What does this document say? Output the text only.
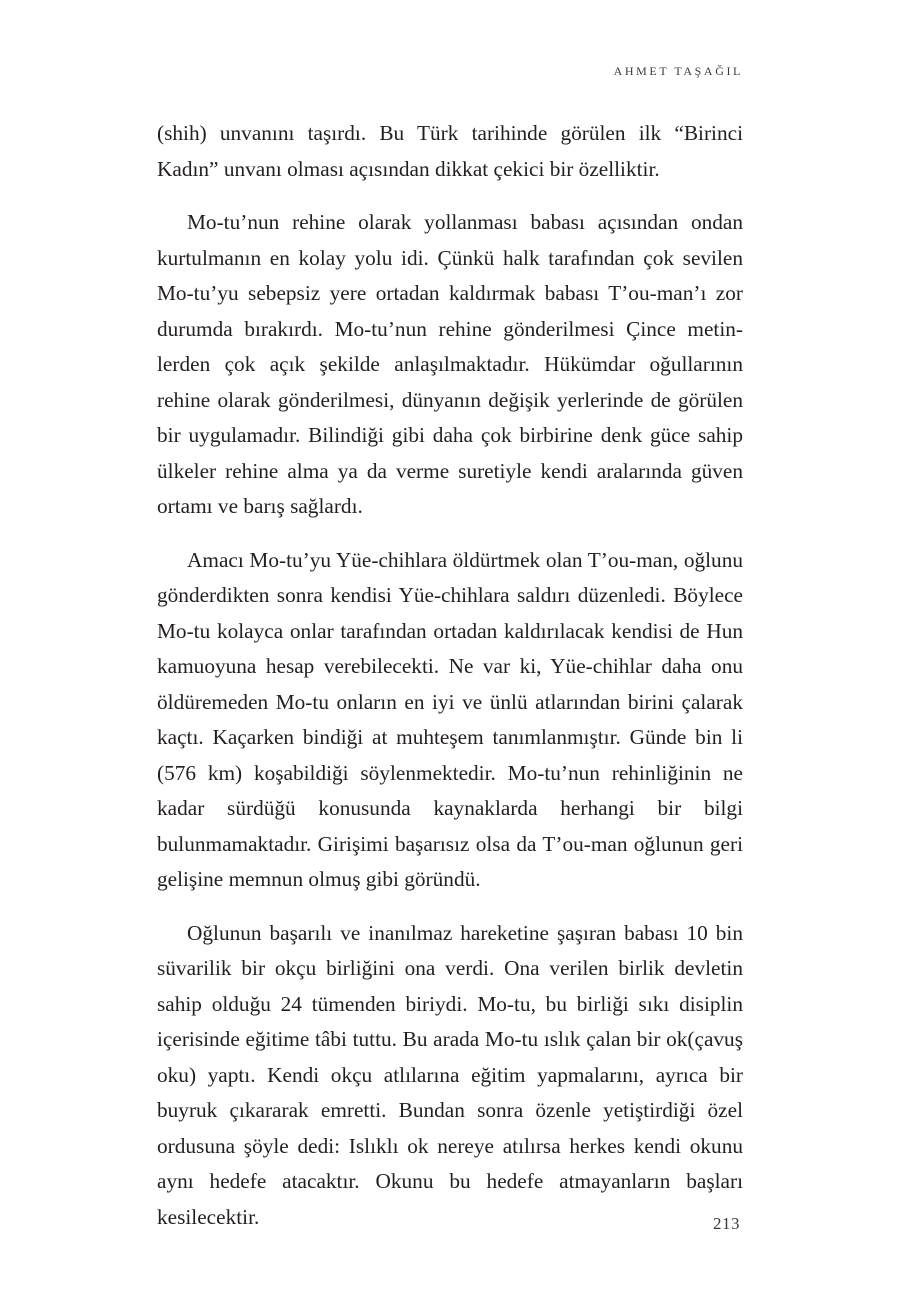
AHMET TAŞAĞIL

(shih) unvanını taşırdı. Bu Türk tarihinde görülen ilk “Birinci Kadın” unvanı olması açısından dikkat çekici bir özelliktir.

Mo-tu’nun rehine olarak yollanması babası açısından ondan kurtulmanın en kolay yolu idi. Çünkü halk tarafından çok sevilen Mo-tu’yu sebepsiz yere ortadan kaldırmak babası T’ou-man’ı zor durumda bırakırdı. Mo-tu’nun rehine gönderilmesi Çince metinlerden çok açık şekilde anlaşılmaktadır. Hükümdar oğullarının rehine olarak gönderilmesi, dünyanın değişik yerlerinde de görülen bir uygulamadır. Bilindiği gibi daha çok birbirine denk güce sahip ülkeler rehine alma ya da verme suretiyle kendi aralarında güven ortamı ve barış sağlardı.

Amacı Mo-tu’yu Yüe-chihlara öldürtmek olan T’ou-man, oğlunu gönderdikten sonra kendisi Yüe-chihlara saldırı düzenledi. Böylece Mo-tu kolayca onlar tarafından ortadan kaldırılacak kendisi de Hun kamuoyuna hesap verebilecekti. Ne var ki, Yüe-chihlar daha onu öldüremeden Mo-tu onların en iyi ve ünlü atlarından birini çalarak kaçtı. Kaçarken bindiği at muhteşem tanımlanmıştır. Günde bin li (576 km) koşabildiği söylenmektedir. Mo-tu’nun rehinliğinin ne kadar sürdüğü konusunda kaynaklarda herhangi bir bilgi bulunmamaktadır. Girişimi başarısız olsa da T’ou-man oğlunun geri gelişine memnun olmuş gibi göründü.

Oğlunun başarılı ve inanılmaz hareketine şaşıran babası 10 bin süvarilik bir okçu birliğini ona verdi. Ona verilen birlik devletin sahip olduğu 24 tümenden biriydi. Mo-tu, bu birliği sıkı disiplin içerisinde eğitime tâbi tuttu. Bu arada Mo-tu ıslık çalan bir ok(çavuş oku) yaptı. Kendi okçu atlılarına eğitim yapmalarını, ayrıca bir buyruk çıkararak emretti. Bundan sonra özenle yetiştirdiği özel ordusuna şöyle dedi: Islıklı ok nereye atılırsa herkes kendi okunu aynı hedefe atacaktır. Okunu bu hedefe atmayanların başları kesilecektir.	213
